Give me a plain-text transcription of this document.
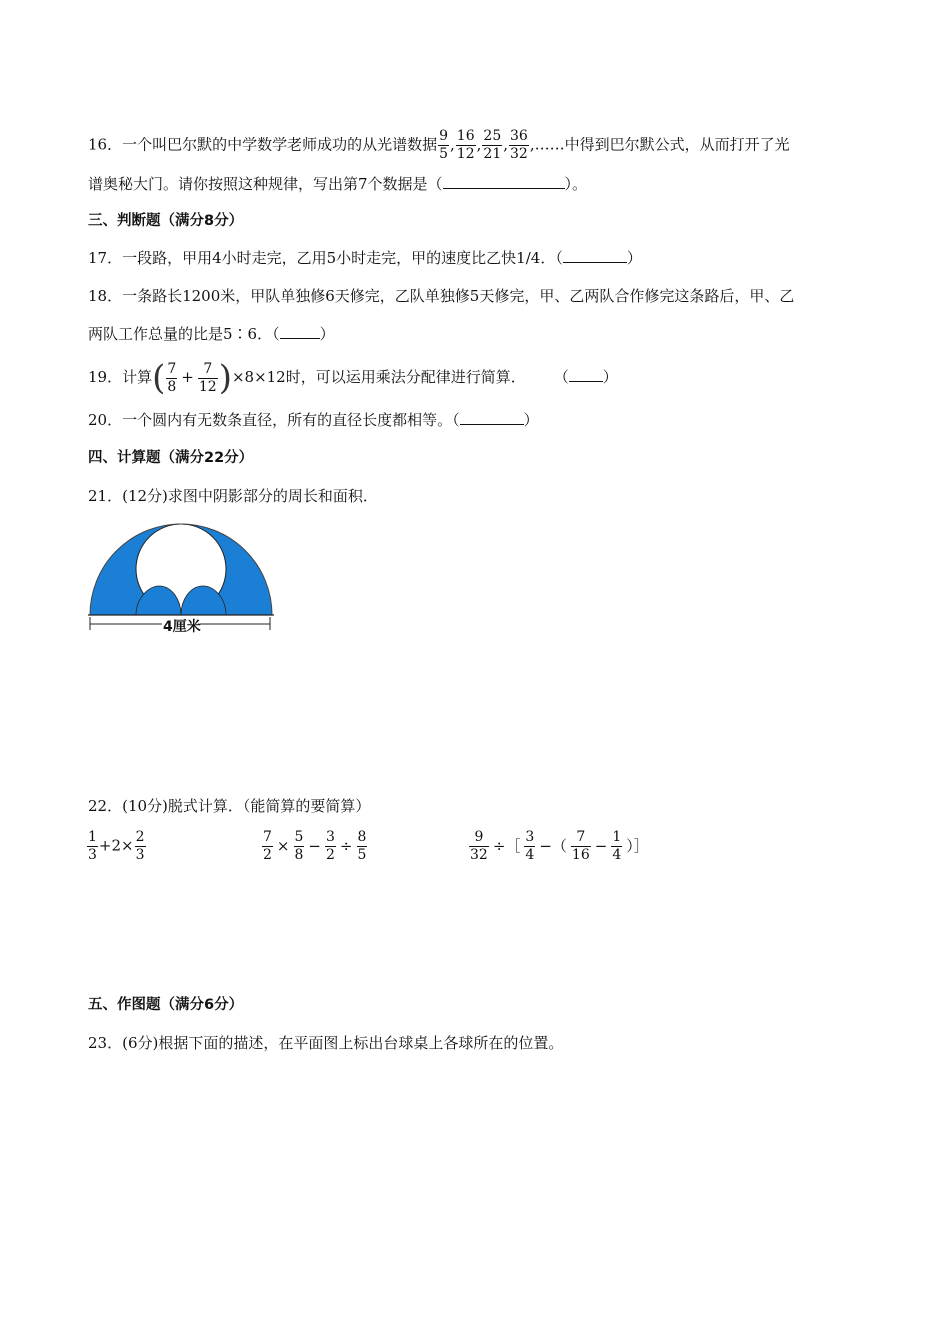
16．一个叫巴尔默的中学数学老师成功的从光谱数据 $\frac{9}{5}$ , $\frac{16}{12}$ , $\frac{25}{21}$ , $\frac{36}{32}$ ,……中得到巴尔默公式，从而打开了光
谱奥秘大门。请你按照这种规律，写出第7个数据是（	）。
三、判断题（满分8分）
17．一段路，甲用4小时走完，乙用5小时走完，甲的速度比乙快1/4．（	）
18．一条路长1200米，甲队单独修6天修完，乙队单独修5天修完，甲、乙两队合作修完这条路后，甲、乙
两队工作总量的比是5∶6．（	）
19．计算( $\frac{7}{8} + \frac{7}{12} )\times 8\times 12$时，可以运用乘法分配律进行简算． （ ）
20．一个圆内有无数条直径，所有的直径长度都相等。（	）
四、计算题（满分22分）
21．(12分)求图中阴影部分的周长和面积．
4厘米
22．(10分)脱式计算．（能简算的要简算）
$\frac{1}{3} +2\times \frac{2}{3}$	$\frac{7}{2} \times \frac{5}{8} - \frac{3}{2} \div \frac{8}{5}$	$\frac{9}{32}$ ÷［ $\frac{3}{4}$ −（ $\frac{7}{16} - \frac{1}{4}$ ）］
五、作图题（满分6分）
23．(6分)根据下面的描述，在平面图上标出台球桌上各球所在的位置。
